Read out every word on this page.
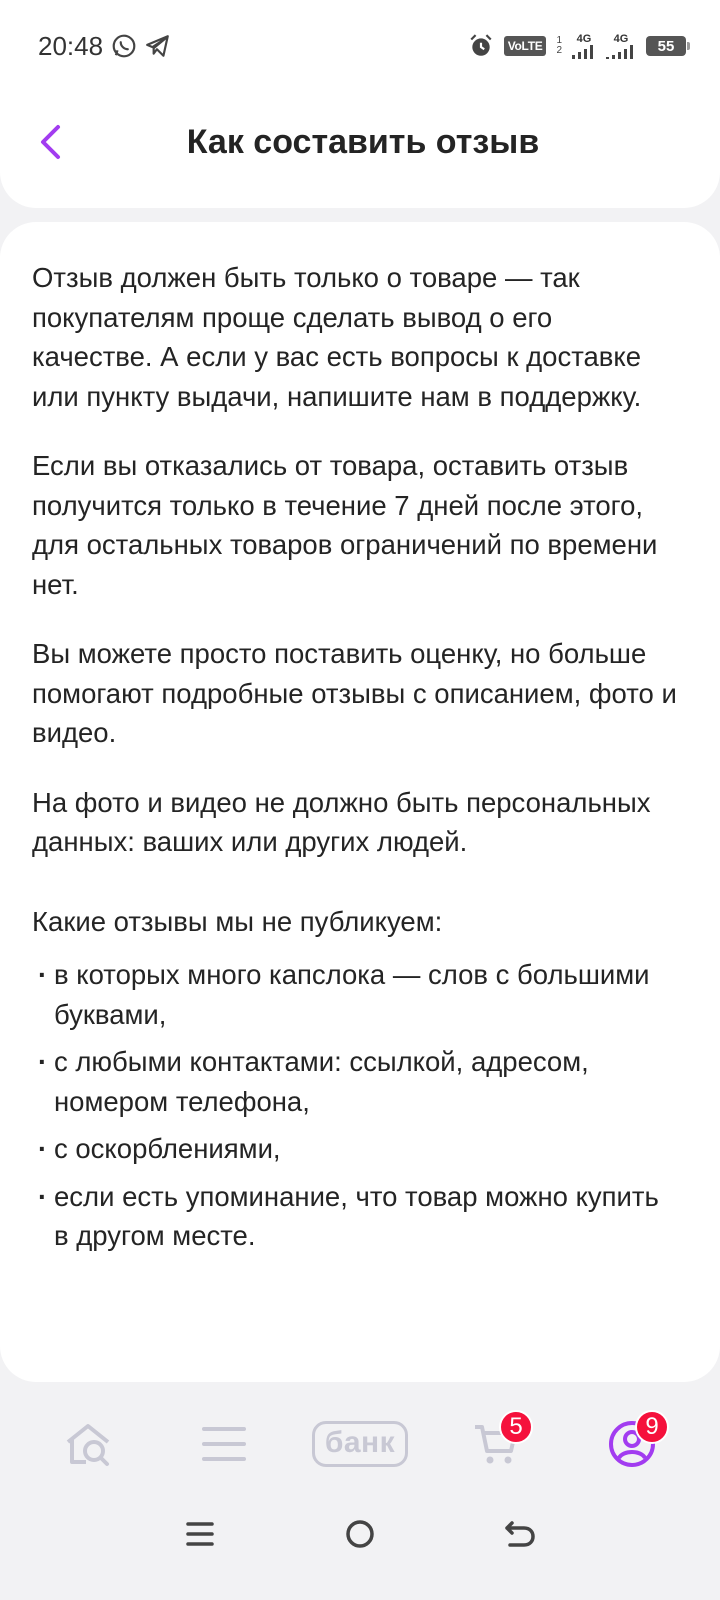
20:48	VoLTE	1
2
4G 4G 55
Как составить отзыв

Отзыв должен быть только о товаре — так покупателям проще сделать вывод о его качестве. А если у вас есть вопросы к доставке или пункту выдачи, напишите нам в поддержку.

Если вы отказались от товара, оставить отзыв получится только в течение 7 дней после этого, для остальных товаров ограничений по времени нет.

Вы можете просто поставить оценку, но больше помогают подробные отзывы с описанием, фото и видео.

На фото и видео не должно быть персональных данных: ваших или других людей.

Какие отзывы мы не публикуем:

· в которых много капслока — слов с большими буквами,
· с любыми контактами: ссылкой, адресом, номером телефона,
· с оскорблениями,
· если есть упоминание, что товар можно купить в другом месте.
банк	5	9
